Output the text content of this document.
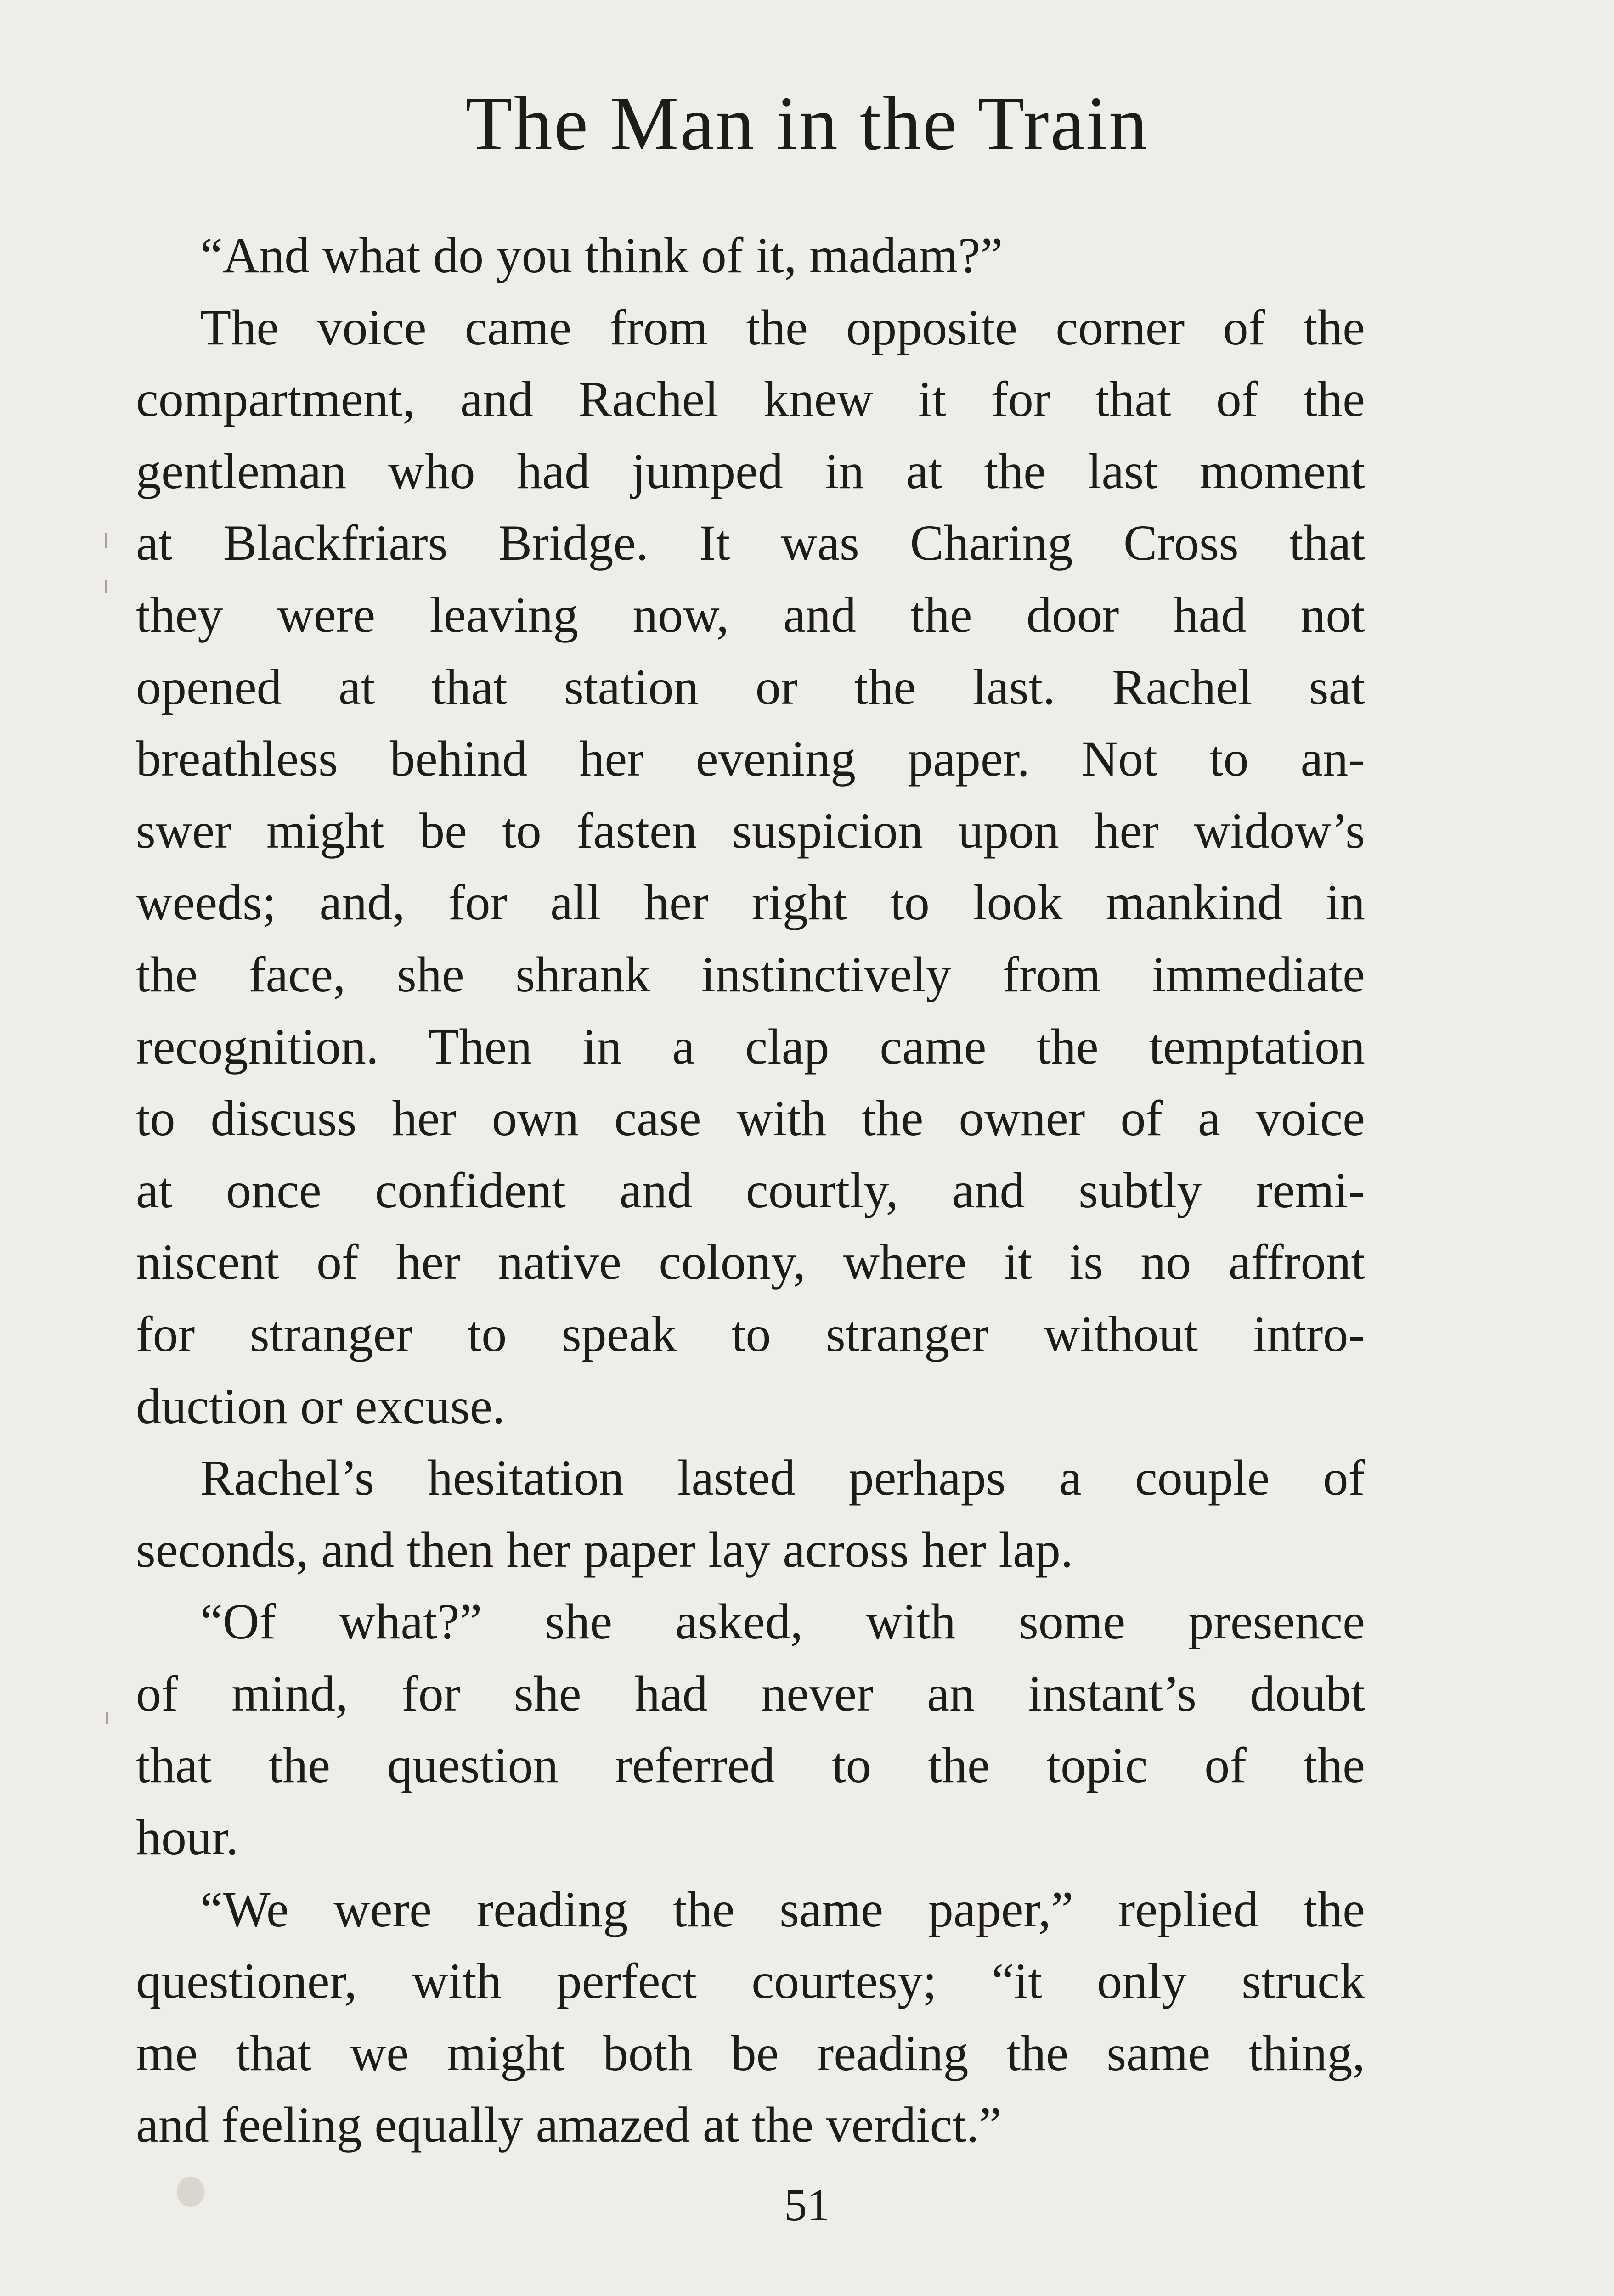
The Man in the Train
“And what do you think of it, madam?”
The voice came from the opposite corner of the
compartment, and Rachel knew it for that of the
gentleman who had jumped in at the last moment
at Blackfriars Bridge. It was Charing Cross that
they were leaving now, and the door had not
opened at that station or the last. Rachel sat
breathless behind her evening paper. Not to an-
swer might be to fasten suspicion upon her widow’s
weeds; and, for all her right to look mankind in
the face, she shrank instinctively from immediate
recognition. Then in a clap came the temptation
to discuss her own case with the owner of a voice
at once confident and courtly, and subtly remi-
niscent of her native colony, where it is no affront
for stranger to speak to stranger without intro-
duction or excuse.
Rachel’s hesitation lasted perhaps a couple of
seconds, and then her paper lay across her lap.
“Of what?” she asked, with some presence
of mind, for she had never an instant’s doubt
that the question referred to the topic of the
hour.
“We were reading the same paper,” replied the
questioner, with perfect courtesy; “it only struck
me that we might both be reading the same thing,
and feeling equally amazed at the verdict.”
51
